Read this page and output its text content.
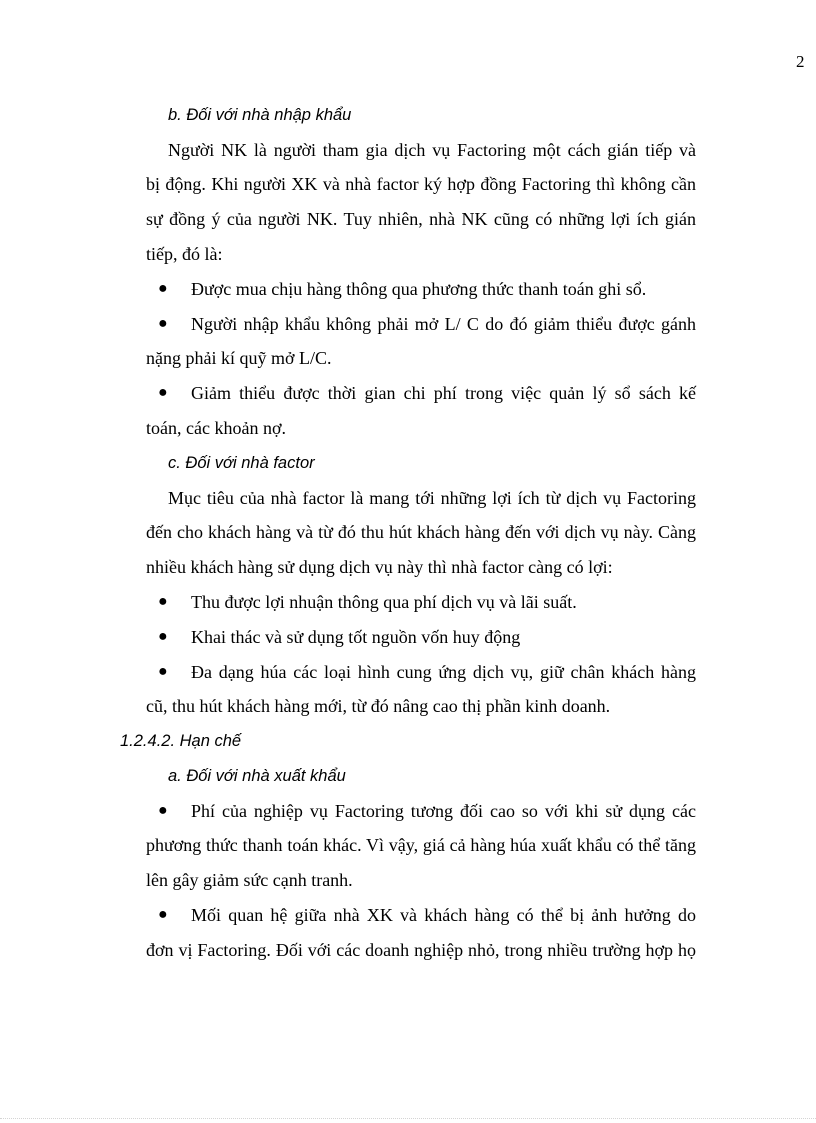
2
b. Đối với nhà nhập khẩu
Người NK là người tham gia dịch vụ Factoring một cách gián tiếp và
bị động. Khi người XK và nhà factor ký hợp đồng Factoring thì không cần
sự đồng ý của người NK. Tuy nhiên, nhà NK cũng có những lợi ích gián
tiếp, đó là:
● Được mua chịu hàng thông qua phương thức thanh toán ghi sổ.
● Người nhập khẩu không phải mở L/ C do đó giảm thiểu được gánh
nặng phải kí quỹ mở L/C.
● Giảm thiểu được thời gian chi phí trong việc quản lý sổ sách kế
toán, các khoản nợ.
c. Đối với nhà factor
Mục tiêu của nhà factor là mang tới những lợi ích từ dịch vụ Factoring
đến cho khách hàng và từ đó thu hút khách hàng đến với dịch vụ này. Càng
nhiều khách hàng sử dụng dịch vụ này thì nhà factor càng có lợi:
● Thu được lợi nhuận thông qua phí dịch vụ và lãi suất.
● Khai thác và sử dụng tốt nguồn vốn huy động
● Đa dạng húa các loại hình cung ứng dịch vụ, giữ chân khách hàng
cũ, thu hút khách hàng mới, từ đó nâng cao thị phần kinh doanh.
1.2.4.2. Hạn chế
a. Đối với nhà xuất khẩu
● Phí của nghiệp vụ Factoring tương đối cao so với khi sử dụng các
phương thức thanh toán khác. Vì vậy, giá cả hàng húa xuất khẩu có thể tăng
lên gây giảm sức cạnh tranh.
● Mối quan hệ giữa nhà XK và khách hàng có thể bị ảnh hưởng do
đơn vị Factoring. Đối với các doanh nghiệp nhỏ, trong nhiều trường hợp họ
